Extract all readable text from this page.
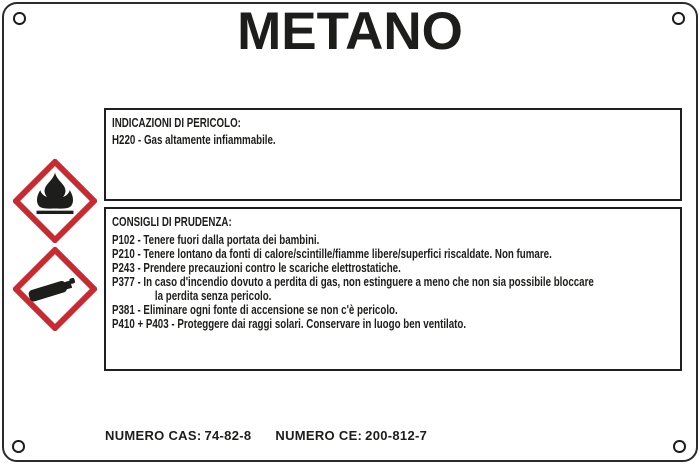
METANO
INDICAZIONI DI PERICOLO:
H220 - Gas altamente infiammabile.
CONSIGLI DI PRUDENZA:
P102 - Tenere fuori dalla portata dei bambini.
P210 - Tenere lontano da fonti di calore/scintille/fiamme libere/superfici riscaldate. Non fumare.
P243 - Prendere precauzioni contro le scariche elettrostatiche.
P377 - In caso d'incendio dovuto a perdita di gas, non estinguere a meno che non sia possibile bloccare
la perdita senza pericolo.
P381 - Eliminare ogni fonte di accensione se non c'è pericolo.
P410 + P403 - Proteggere dai raggi solari. Conservare in luogo ben ventilato.
NUMERO CAS: 74-82-8 NUMERO CE: 200-812-7
